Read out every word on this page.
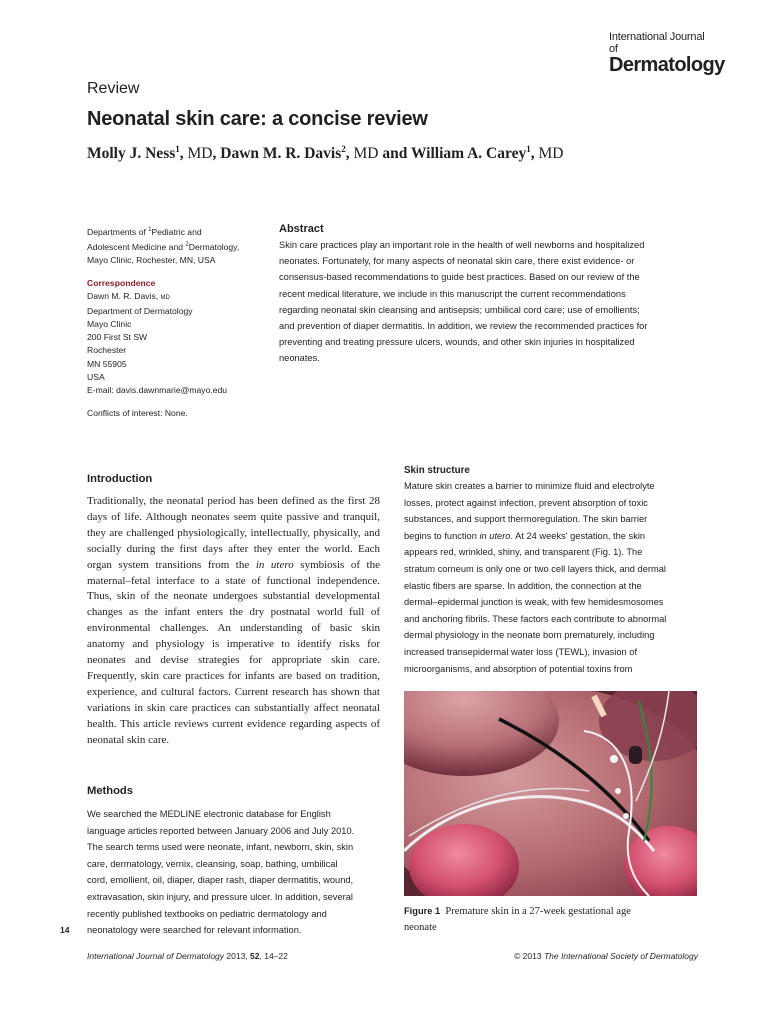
International Journal of
Dermatology
Review
Neonatal skin care: a concise review
Molly J. Ness$^1$, MD, Dawn M. R. Davis$^2$, MD and William A. Carey$^1$, MD

Departments of $^1$Pediatric and

Adolescent Medicine and $^2$Dermatology,

Mayo Clinic, Rochester, MN, USA

Correspondence

Dawn M. R. Davis, MD

Department of Dermatology

Mayo Clinic

200 First St SW

Rochester

MN 55905

USA

E-mail: davis.dawnmarie@mayo.edu

Conflicts of interest: None.
Abstract
Skin care practices play an important role in the health of well newborns and hospitalized
neonates. Fortunately, for many aspects of neonatal skin care, there exist evidence- or
consensus-based recommendations to guide best practices. Based on our review of the
recent medical literature, we include in this manuscript the current recommendations
regarding neonatal skin cleansing and antisepsis; umbilical cord care; use of emollients;
and prevention of diaper dermatitis. In addition, we review the recommended practices for
preventing and treating pressure ulcers, wounds, and other skin injuries in hospitalized
neonates.
Introduction
Traditionally, the neonatal period has been defined as the first 28 days of life. Although neonates seem quite passive and tranquil, they are challenged physiologically, intellectually, physically, and socially during the first days after they enter the world. Each organ system transitions from the in utero symbiosis of the maternal–fetal interface to a state of functional independence. Thus, skin of the neonate undergoes substantial developmental changes as the infant enters the dry postnatal world full of environmental challenges. An understanding of basic skin anatomy and physiology is imperative to identify risks for neonates and devise strategies for appropriate skin care. Frequently, skin care practices for infants are based on tradition, experience, and cultural factors. Current research has shown that variations in skin care practices can substantially affect neonatal health. This article reviews current evidence regarding aspects of neonatal skin care.
Methods
We searched the MEDLINE electronic database for English
language articles reported between January 2006 and July 2010.
The search terms used were neonate, infant, newborn, skin, skin
care, dermatology, vernix, cleansing, soap, bathing, umbilical
cord, emollient, oil, diaper, diaper rash, diaper dermatitis, wound,
extravasation, skin injury, and pressure ulcer. In addition, several
recently published textbooks on pediatric dermatology and
neonatology were searched for relevant information.
14
Skin structure
Mature skin creates a barrier to minimize fluid and electrolyte
losses, protect against infection, prevent absorption of toxic
substances, and support thermoregulation. The skin barrier
begins to function in utero. At 24 weeks' gestation, the skin
appears red, wrinkled, shiny, and transparent (Fig. 1). The
stratum corneum is only one or two cell layers thick, and dermal
elastic fibers are sparse. In addition, the connection at the
dermal–epidermal junction is weak, with few hemidesmosomes
and anchoring fibrils. These factors each contribute to abnormal
dermal physiology in the neonate born prematurely, including
increased transepidermal water loss (TEWL), invasion of
microorganisms, and absorption of potential toxins from
Figure 1 Premature skin in a 27-week gestational age
neonate
International Journal of Dermatology 2013, 52, 14–22	© 2013 The International Society of Dermatology
